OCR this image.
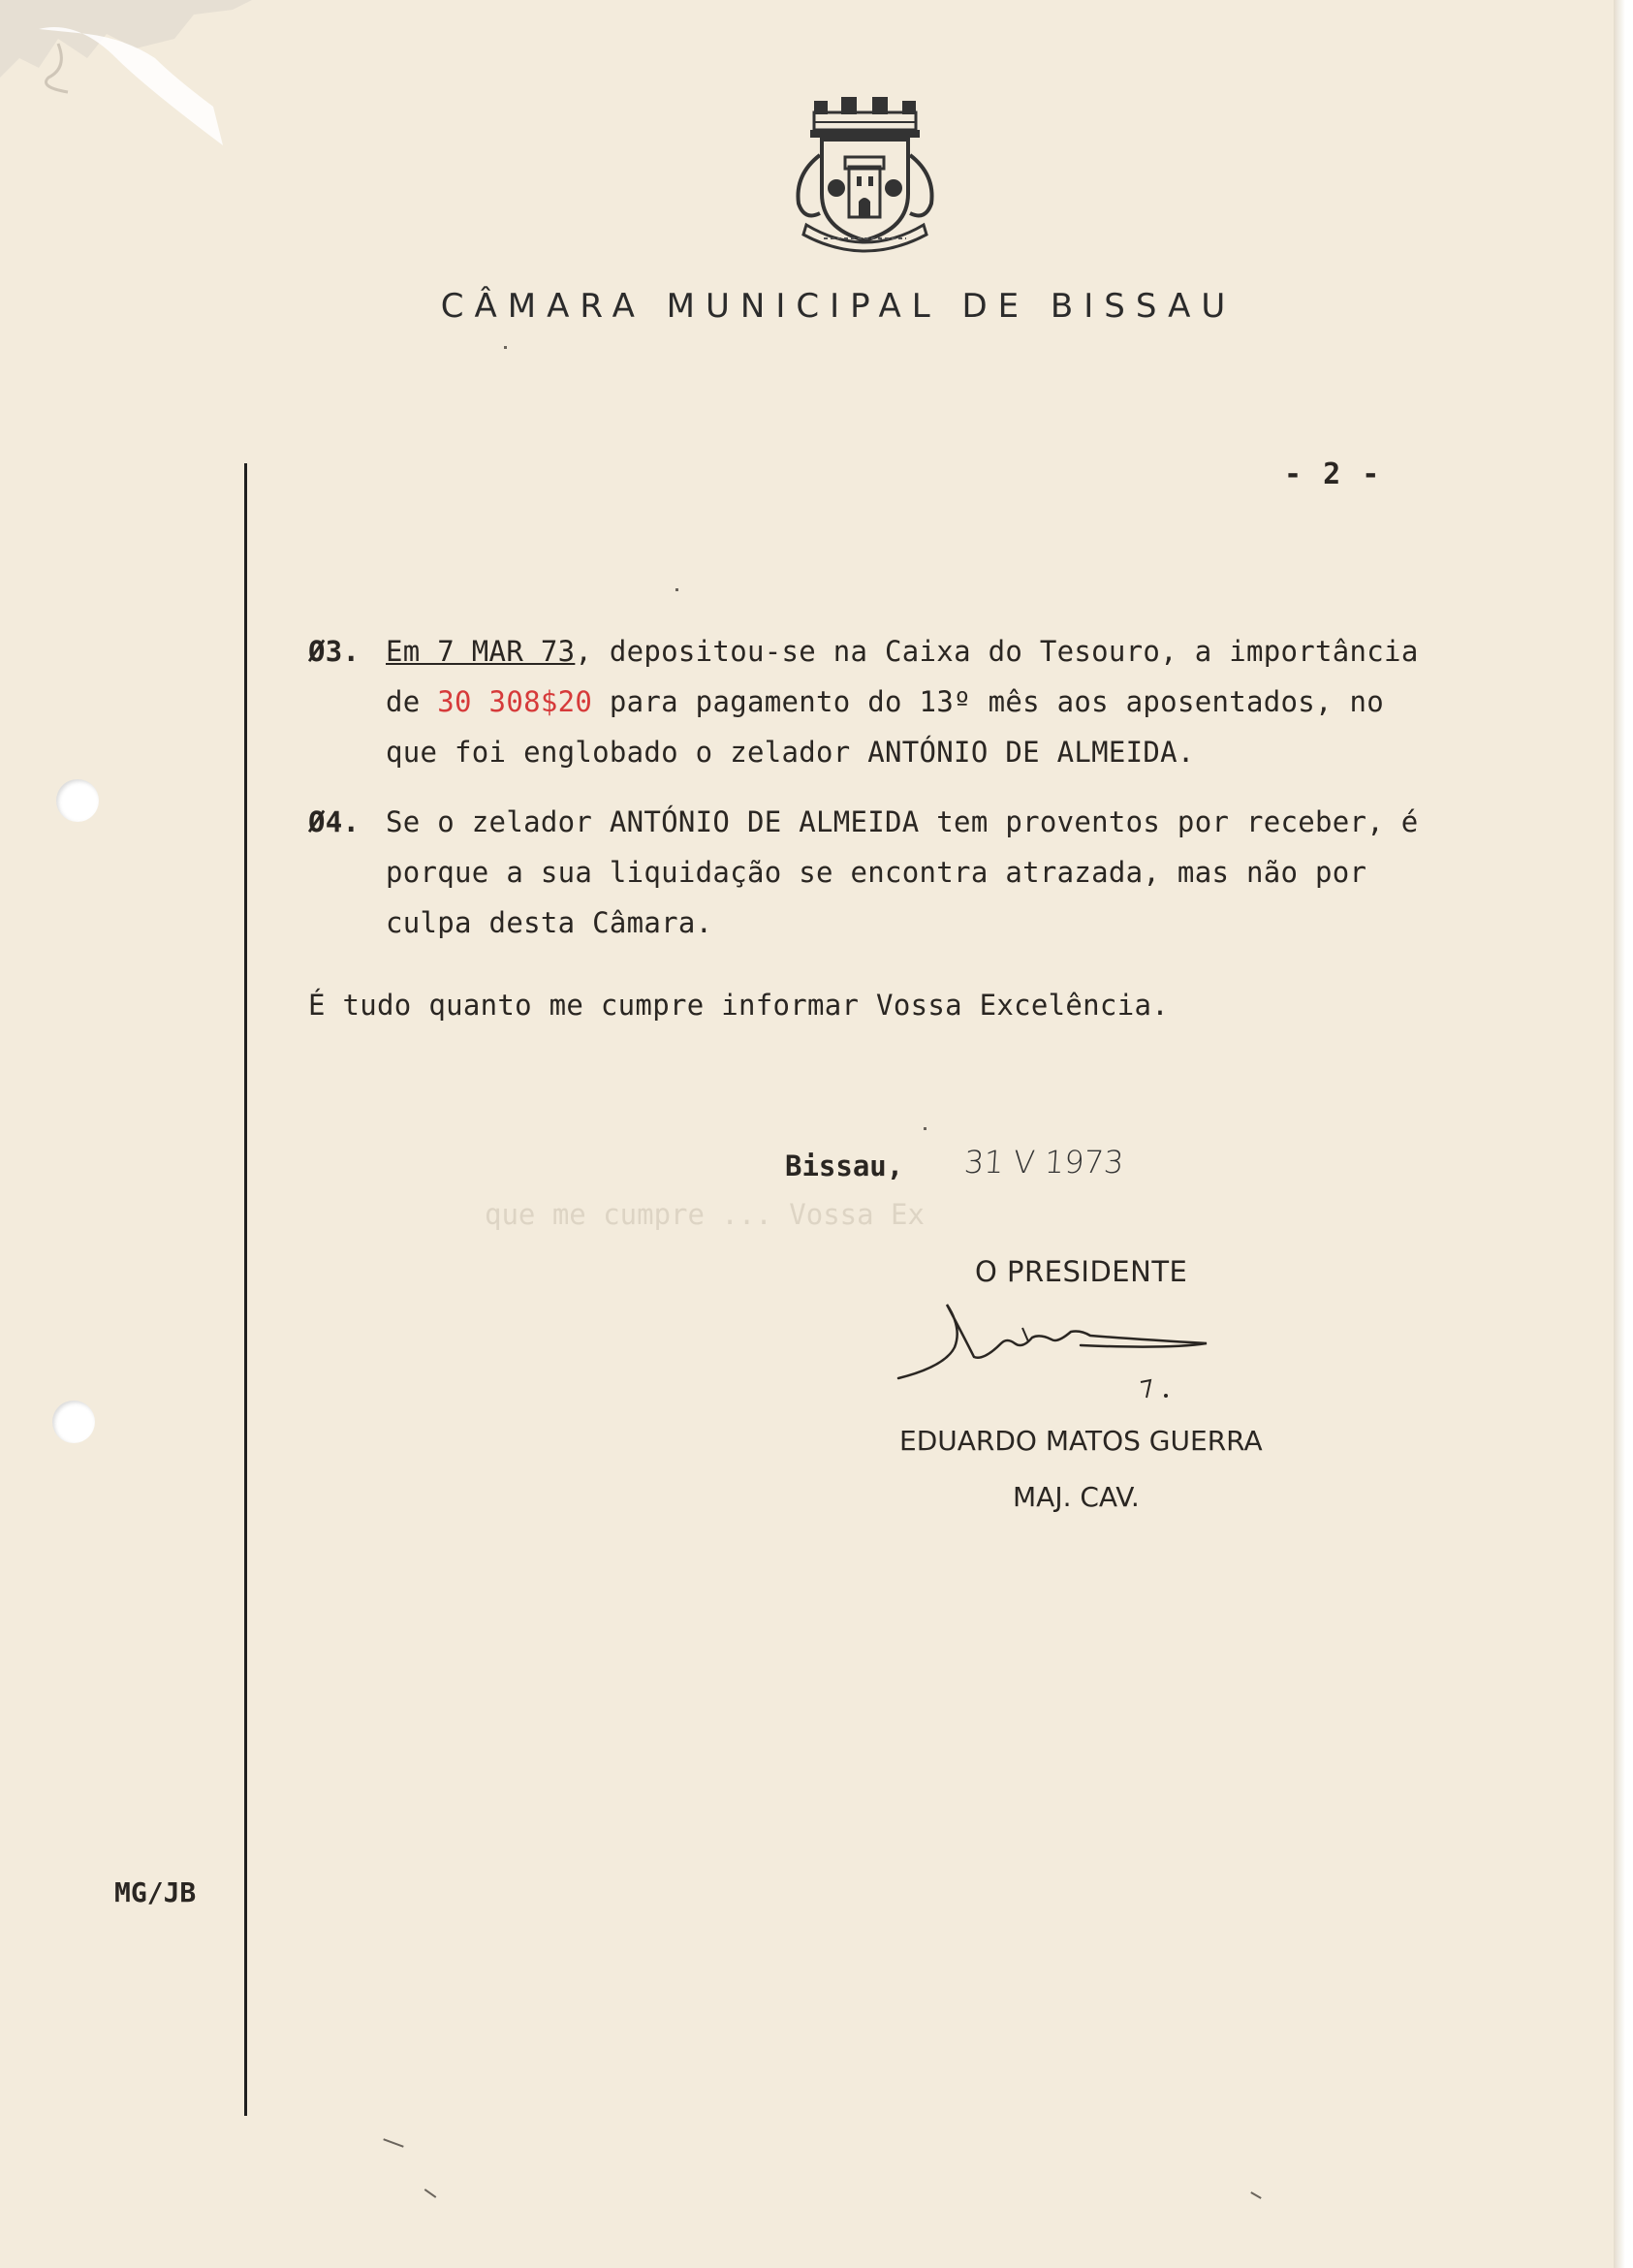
CÂMARA MUNICIPAL DE BISSAU
- 2 -
Ø3. Em 7 MAR 73, depositou-se na Caixa do Tesouro, a importância
de 30 308$20 para pagamento do 13º mês aos aposentados, no
que foi englobado o zelador ANTÓNIO DE ALMEIDA.
Ø4. Se o zelador ANTÓNIO DE ALMEIDA tem proventos por receber, é
porque a sua liquidação se encontra atrazada, mas não por
culpa desta Câmara.
É tudo quanto me cumpre informar Vossa Excelência.
Bissau, 31 V 1973
que me cumpre ... Vossa Ex
O PRESIDENTE
EDUARDO MATOS GUERRA
MAJ. CAV.
MG/JB
